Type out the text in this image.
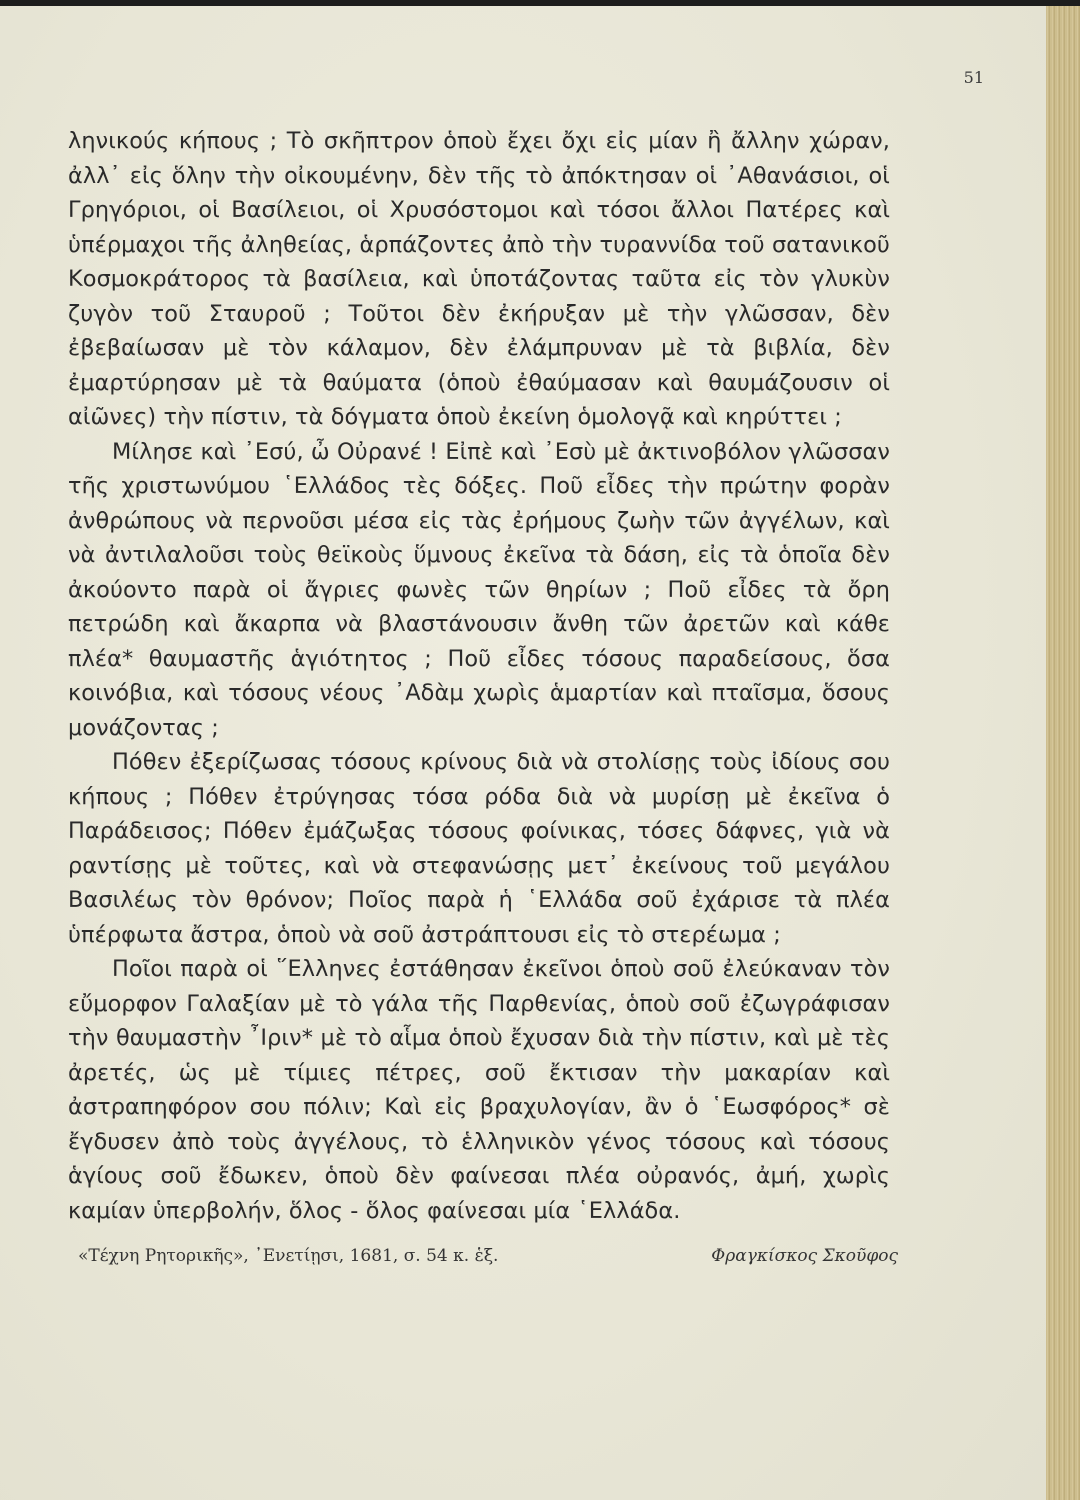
51

ληνικούς κήπους ; Τὸ σκῆπτρον ὁποὺ ἔχει ὄχι εἰς μίαν ἢ ἄλλην χώραν, ἀλλ᾽ εἰς ὅλην τὴν οἰκουμένην, δὲν τῆς τὸ ἀπόκτησαν οἱ ᾿Αθανάσιοι, οἱ Γρηγόριοι, οἱ Βασίλειοι, οἱ Χρυσόστομοι καὶ τόσοι ἄλλοι Πατέρες καὶ ὑπέρμαχοι τῆς ἀληθείας, ἁρπάζοντες ἀπὸ τὴν τυραννίδα τοῦ σατανικοῦ Κοσμοκράτορος τὰ βασίλεια, καὶ ὑποτάζοντας ταῦτα εἰς τὸν γλυκὺν ζυγὸν τοῦ Σταυροῦ ; Τοῦτοι δὲν ἐκήρυξαν μὲ τὴν γλῶσσαν, δὲν ἐβεβαίωσαν μὲ τὸν κάλαμον, δὲν ἐλάμπρυναν μὲ τὰ βιβλία, δὲν ἐμαρτύρησαν μὲ τὰ θαύματα (ὁποὺ ἐθαύμασαν καὶ θαυμάζουσιν οἱ αἰῶνες) τὴν πίστιν, τὰ δόγματα ὁποὺ ἐκείνη ὁμολογᾷ καὶ κηρύττει ;

Μίλησε καὶ ᾿Εσύ, ὦ Οὐρανέ ! Εἰπὲ καὶ ᾿Εσὺ μὲ ἀκτινοβόλον γλῶσσαν τῆς χριστωνύμου ῾Ελλάδος τὲς δόξες. Ποῦ εἶδες τὴν πρώτην φορὰν ἀνθρώπους νὰ περνοῦσι μέσα εἰς τὰς ἐρήμους ζωὴν τῶν ἀγγέλων, καὶ νὰ ἀντιλαλοῦσι τοὺς θεϊκοὺς ὕμνους ἐκεῖνα τὰ δάση, εἰς τὰ ὁποῖα δὲν ἀκούοντο παρὰ οἱ ἄγριες φωνὲς τῶν θηρίων ; Ποῦ εἶδες τὰ ὄρη πετρώδη καὶ ἄκαρπα νὰ βλαστάνουσιν ἄνθη τῶν ἀρετῶν καὶ κάθε πλέα* θαυμαστῆς ἁγιότητος ; Ποῦ εἶδες τόσους παραδείσους, ὅσα κοινόβια, καὶ τόσους νέους ᾿Αδὰμ χωρὶς ἁμαρτίαν καὶ πταῖσμα, ὅσους μονάζοντας ;

Πόθεν ἐξερίζωσας τόσους κρίνους διὰ νὰ στολίσῃς τοὺς ἰδίους σου κήπους ; Πόθεν ἐτρύγησας τόσα ρόδα διὰ νὰ μυρίσῃ μὲ ἐκεῖνα ὁ Παράδεισος; Πόθεν ἐμάζωξας τόσους φοίνικας, τόσες δάφνες, γιὰ νὰ ραντίσῃς μὲ τοῦτες, καὶ νὰ στεφανώσῃς μετ᾽ ἐκείνους τοῦ μεγάλου Βασιλέως τὸν θρόνον; Ποῖος παρὰ ἡ ῾Ελλάδα σοῦ ἐχάρισε τὰ πλέα ὑπέρφωτα ἄστρα, ὁποὺ νὰ σοῦ ἀστράπτουσι εἰς τὸ στερέωμα ;

Ποῖοι παρὰ οἱ ῞Ελληνες ἐστάθησαν ἐκεῖνοι ὁποὺ σοῦ ἐλεύκαναν τὸν εὔμορφον Γαλαξίαν μὲ τὸ γάλα τῆς Παρθενίας, ὁποὺ σοῦ ἐζωγράφισαν τὴν θαυμαστὴν ῏Ιριν* μὲ τὸ αἷμα ὁποὺ ἔχυσαν διὰ τὴν πίστιν, καὶ μὲ τὲς ἀρετές, ὡς μὲ τίμιες πέτρες, σοῦ ἔκτισαν τὴν μακαρίαν καὶ ἀστραπηφόρον σου πόλιν; Καὶ εἰς βραχυλογίαν, ἂν ὁ ῾Εωσφόρος* σὲ ἔγδυσεν ἀπὸ τοὺς ἀγγέλους, τὸ ἑλληνικὸν γένος τόσους καὶ τόσους ἁγίους σοῦ ἔδωκεν, ὁποὺ δὲν φαίνεσαι πλέα οὐρανός, ἀμή, χωρὶς καμίαν ὑπερβολήν, ὅλος - ὅλος φαίνεσαι μία ῾Ελλάδα.

«Τέχνη Ρητορικῆς», ᾿Ενετίῃσι, 1681, σ. 54 κ. ἑξ.	Φραγκίσκος Σκοῦφος
